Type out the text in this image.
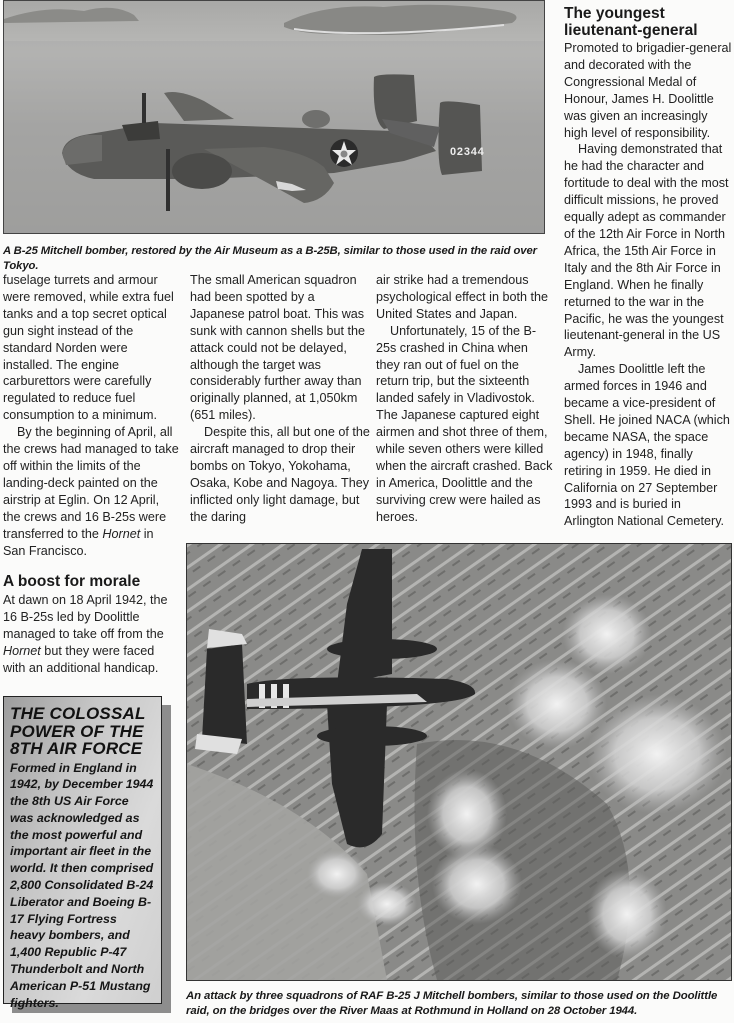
02344
A B-25 Mitchell bomber, restored by the Air Museum as a B-25B, similar to those used in the raid over Tokyo.
The youngest lieutenant-general

Promoted to brigadier-general and decorated with the Congressional Medal of Honour, James H. Doolittle was given an increasingly high level of responsibility.

Having demonstrated that he had the character and fortitude to deal with the most difficult missions, he proved equally adept as commander of the 12th Air Force in North Africa, the 15th Air Force in Italy and the 8th Air Force in England. When he finally returned to the war in the Pacific, he was the youngest lieutenant-general in the US Army.

James Doolittle left the armed forces in 1946 and became a vice-president of Shell. He joined NACA (which became NASA, the space agency) in 1948, finally retiring in 1959. He died in California on 27 September 1993 and is buried in Arlington National Cemetery.

fuselage turrets and armour were removed, while extra fuel tanks and a top secret optical gun sight instead of the standard Norden were installed. The engine carburettors were carefully regulated to reduce fuel consumption to a minimum.

By the beginning of April, all the crews had managed to take off within the limits of the landing-deck painted on the airstrip at Eglin. On 12 April, the crews and 16 B-25s were transferred to the Hornet in San Francisco.

A boost for morale

At dawn on 18 April 1942, the 16 B-25s led by Doolittle managed to take off from the Hornet but they were faced with an additional handicap.

The small American squadron had been spotted by a Japanese patrol boat. This was sunk with cannon shells but the attack could not be delayed, although the target was considerably further away than originally planned, at 1,050km (651 miles).

Despite this, all but one of the aircraft managed to drop their bombs on Tokyo, Yokohama, Osaka, Kobe and Nagoya. They inflicted only light damage, but the daring

air strike had a tremendous psychological effect in both the United States and Japan.

Unfortunately, 15 of the B-25s crashed in China when they ran out of fuel on the return trip, but the sixteenth landed safely in Vladivostok. The Japanese captured eight airmen and shot three of them, while seven others were killed when the aircraft crashed. Back in America, Doolittle and the surviving crew were hailed as heroes.

An attack by three squadrons of RAF B-25 J Mitchell bombers, similar to those used on the Doolittle raid, on the bridges over the River Maas at Rothmund in Holland on 28 October 1944.
THE COLOSSAL POWER OF THE 8TH AIR FORCE

Formed in England in 1942, by December 1944 the 8th US Air Force was acknowledged as the most powerful and important air fleet in the world. It then comprised 2,800 Consolidated B-24 Liberator and Boeing B-17 Flying Fortress heavy bombers, and 1,400 Republic P-47 Thunderbolt and North American P-51 Mustang fighters.
